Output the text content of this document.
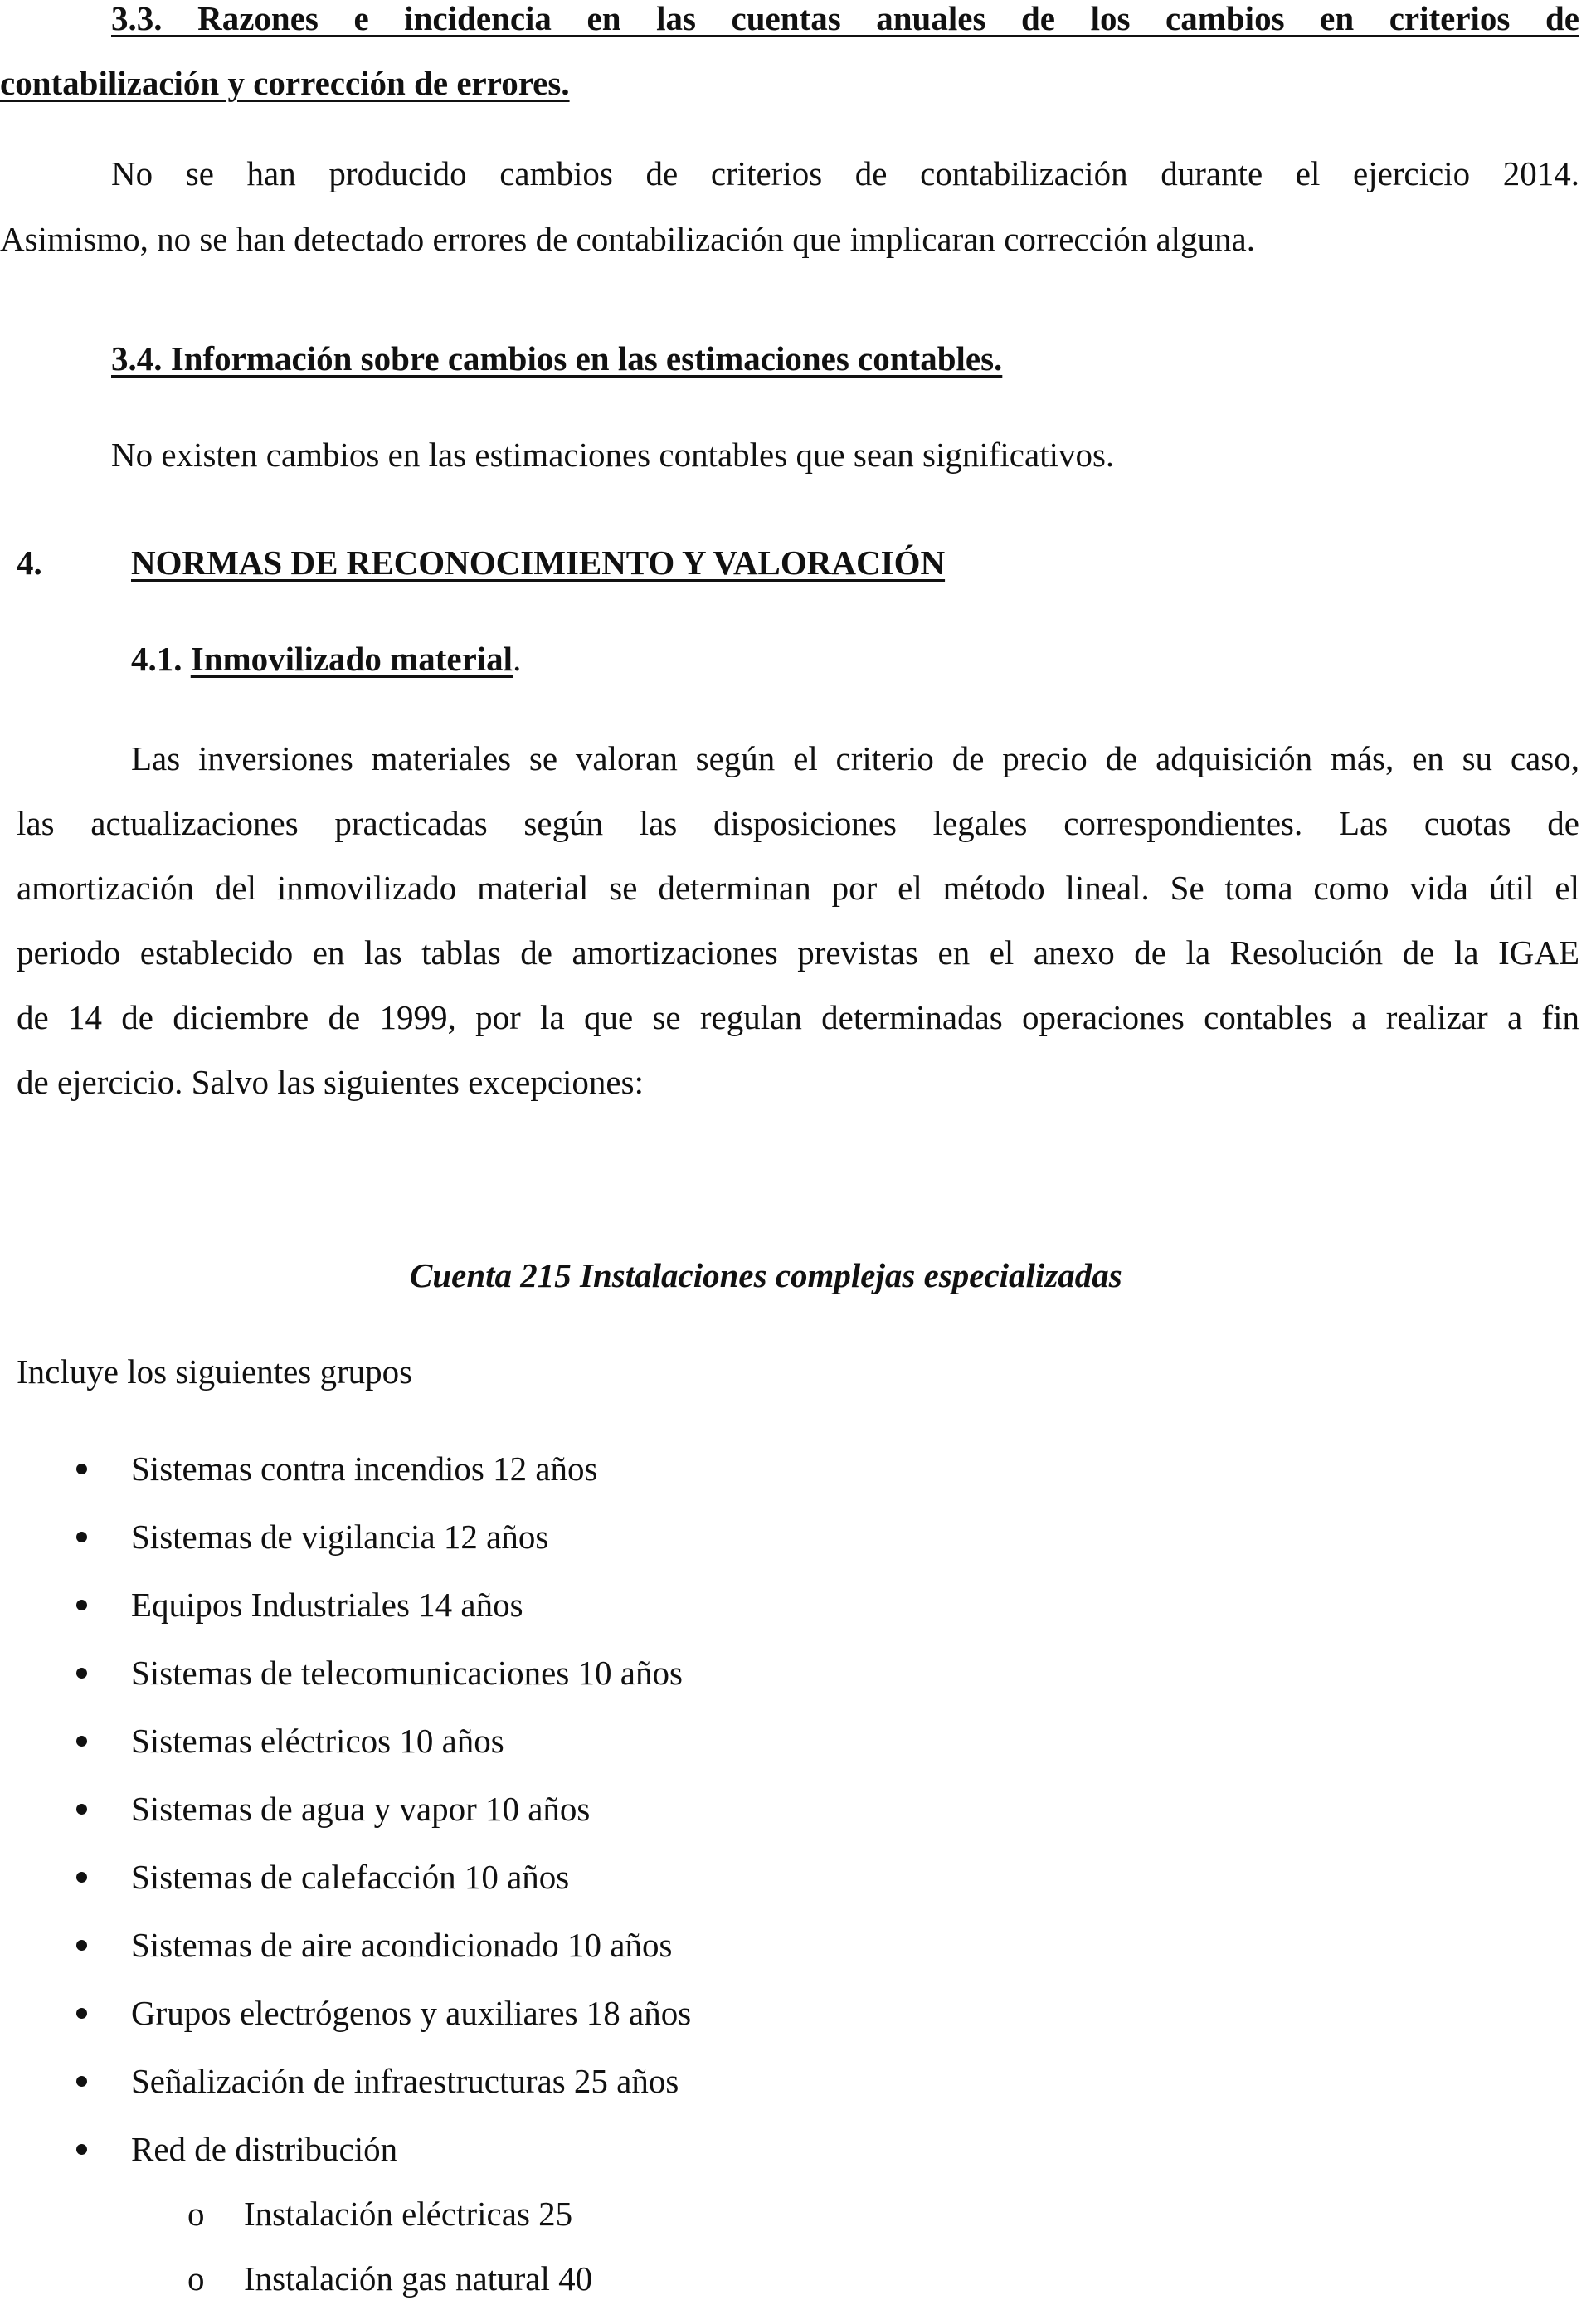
3.3. Razones e incidencia en las cuentas anuales de los cambios en criterios de

contabilización y corrección de errores.

No se han producido cambios de criterios de contabilización durante el ejercicio 2014.

Asimismo, no se han detectado errores de contabilización que implicaran corrección alguna.

3.4. Información sobre cambios en las estimaciones contables.

No existen cambios en las estimaciones contables que sean significativos.

4.	NORMAS DE RECONOCIMIENTO Y VALORACIÓN

4.1. Inmovilizado material.

Las inversiones materiales se valoran según el criterio de precio de adquisición más, en su caso,

las actualizaciones practicadas según las disposiciones legales correspondientes. Las cuotas de

amortización del inmovilizado material se determinan por el método lineal. Se toma como vida útil el

periodo establecido en las tablas de amortizaciones previstas en el anexo de la Resolución de la IGAE

de 14 de diciembre de 1999, por la que se regulan determinadas operaciones contables a realizar a fin

de ejercicio. Salvo las siguientes excepciones:

Cuenta 215 Instalaciones complejas especializadas

Incluye los siguientes grupos

Sistemas contra incendios 12 años

Sistemas de vigilancia 12 años

Equipos Industriales 14 años

Sistemas de telecomunicaciones 10 años

Sistemas eléctricos 10 años

Sistemas de agua y vapor 10 años

Sistemas de calefacción 10 años

Sistemas de aire acondicionado 10 años

Grupos electrógenos y auxiliares 18 años

Señalización de infraestructuras 25 años

Red de distribución

o Instalación eléctricas 25

o Instalación gas natural 40
